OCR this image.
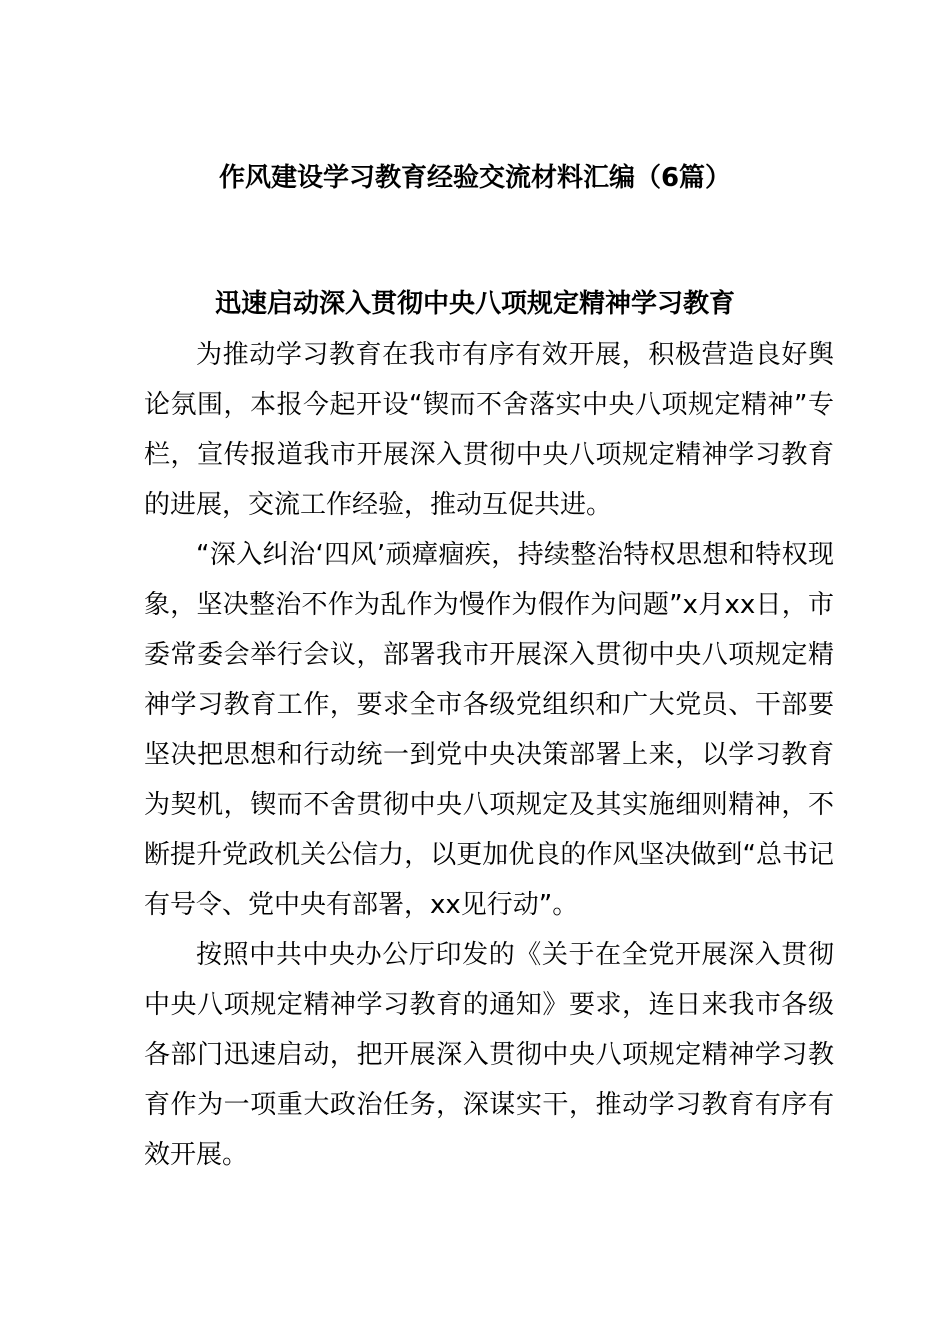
作风建设学习教育经验交流材料汇编（6篇）
迅速启动深入贯彻中央八项规定精神学习教育

为推动学习教育在我市有序有效开展，积极营造良好舆论氛围，本报今起开设“锲而不舍落实中央八项规定精神”专栏，宣传报道我市开展深入贯彻中央八项规定精神学习教育的进展，交流工作经验，推动互促共进。

“深入纠治‘四风’顽瘴痼疾，持续整治特权思想和特权现象，坚决整治不作为乱作为慢作为假作为问题”x月xx日，市委常委会举行会议，部署我市开展深入贯彻中央八项规定精神学习教育工作，要求全市各级党组织和广大党员、干部要坚决把思想和行动统一到党中央决策部署上来，以学习教育为契机，锲而不舍贯彻中央八项规定及其实施细则精神，不断提升党政机关公信力，以更加优良的作风坚决做到“总书记有号令、党中央有部署，xx见行动”。

按照中共中央办公厅印发的《关于在全党开展深入贯彻中央八项规定精神学习教育的通知》要求，连日来我市各级各部门迅速启动，把开展深入贯彻中央八项规定精神学习教育作为一项重大政治任务，深谋实干，推动学习教育有序有效开展。
